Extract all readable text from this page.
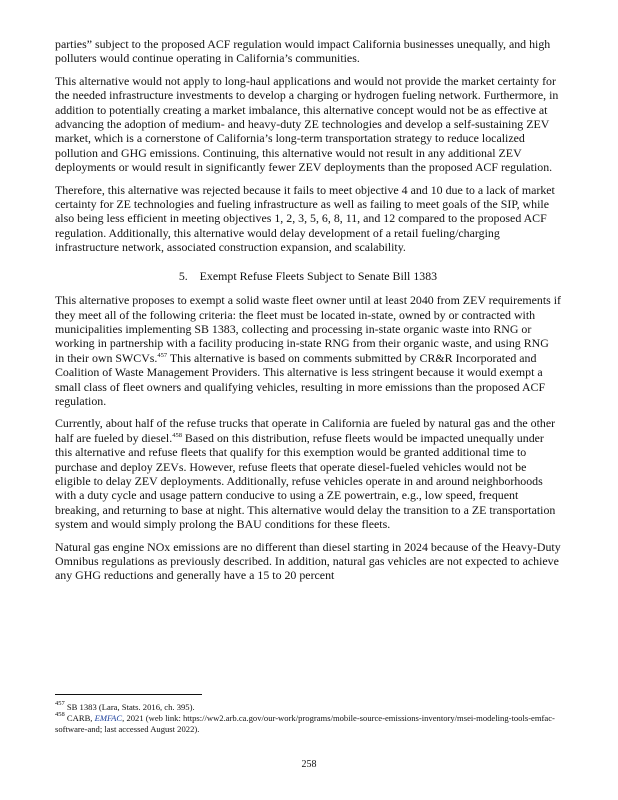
parties” subject to the proposed ACF regulation would impact California businesses unequally, and high polluters would continue operating in California’s communities.

This alternative would not apply to long-haul applications and would not provide the market certainty for the needed infrastructure investments to develop a charging or hydrogen fueling network. Furthermore, in addition to potentially creating a market imbalance, this alternative concept would not be as effective at advancing the adoption of medium- and heavy-duty ZE technologies and develop a self-sustaining ZEV market, which is a cornerstone of California’s long-term transportation strategy to reduce localized pollution and GHG emissions. Continuing, this alternative would not result in any additional ZEV deployments or would result in significantly fewer ZEV deployments than the proposed ACF regulation.

Therefore, this alternative was rejected because it fails to meet objective 4 and 10 due to a lack of market certainty for ZE technologies and fueling infrastructure as well as failing to meet goals of the SIP, while also being less efficient in meeting objectives 1, 2, 3, 5, 6, 8, 11, and 12 compared to the proposed ACF regulation. Additionally, this alternative would delay development of a retail fueling/charging infrastructure network, associated construction expansion, and scalability.

5. Exempt Refuse Fleets Subject to Senate Bill 1383

This alternative proposes to exempt a solid waste fleet owner until at least 2040 from ZEV requirements if they meet all of the following criteria: the fleet must be located in-state, owned by or contracted with municipalities implementing SB 1383, collecting and processing in-state organic waste into RNG or working in partnership with a facility producing in-state RNG from their organic waste, and using RNG in their own SWCVs.$^{457}$ This alternative is based on comments submitted by CR&R Incorporated and Coalition of Waste Management Providers. This alternative is less stringent because it would exempt a small class of fleet owners and qualifying vehicles, resulting in more emissions than the proposed ACF regulation.

Currently, about half of the refuse trucks that operate in California are fueled by natural gas and the other half are fueled by diesel.$^{458}$ Based on this distribution, refuse fleets would be impacted unequally under this alternative and refuse fleets that qualify for this exemption would be granted additional time to purchase and deploy ZEVs. However, refuse fleets that operate diesel-fueled vehicles would not be eligible to delay ZEV deployments. Additionally, refuse vehicles operate in and around neighborhoods with a duty cycle and usage pattern conducive to using a ZE powertrain, e.g., low speed, frequent breaking, and returning to base at night. This alternative would delay the transition to a ZE transportation system and would simply prolong the BAU conditions for these fleets.

Natural gas engine NOx emissions are no different than diesel starting in 2024 because of the Heavy-Duty Omnibus regulations as previously described. In addition, natural gas vehicles are not expected to achieve any GHG reductions and generally have a 15 to 20 percent

$^{457}$ SB 1383 (Lara, Stats. 2016, ch. 395).
$^{458}$ CARB, EMFAC, 2021 (web link: https://ww2.arb.ca.gov/our-work/programs/mobile-source-emissions-inventory/msei-modeling-tools-emfac-software-and; last accessed August 2022).
258
